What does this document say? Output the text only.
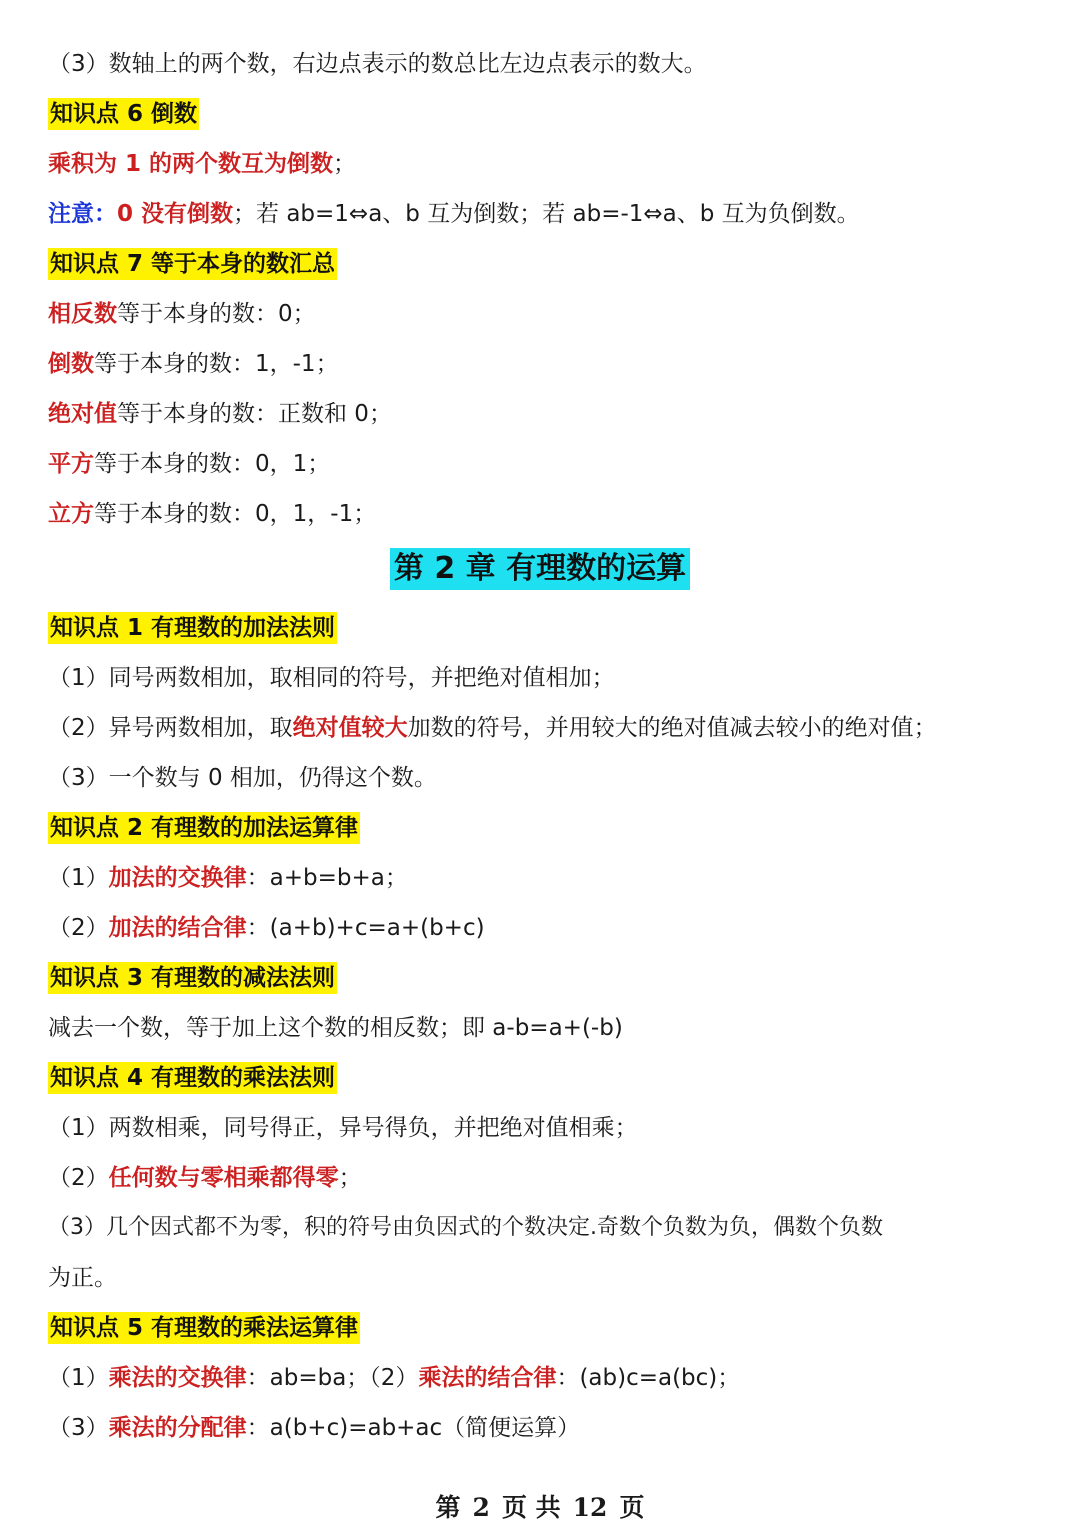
（3）数轴上的两个数，右边点表示的数总比左边点表示的数大。
知识点 6 倒数
乘积为 1 的两个数互为倒数；
注意：0 没有倒数；若 ab=1⇔a、b 互为倒数；若 ab=-1⇔a、b 互为负倒数。
知识点 7 等于本身的数汇总
相反数等于本身的数：0；
倒数等于本身的数：1，-1；
绝对值等于本身的数：正数和 0；
平方等于本身的数：0，1；
立方等于本身的数：0，1，-1；
第 2 章 有理数的运算
知识点 1 有理数的加法法则
（1）同号两数相加，取相同的符号，并把绝对值相加；
（2）异号两数相加，取绝对值较大加数的符号，并用较大的绝对值减去较小的绝对值；
（3）一个数与 0 相加，仍得这个数。
知识点 2 有理数的加法运算律
（1）加法的交换律：a+b=b+a；
（2）加法的结合律：(a+b)+c=a+(b+c)
知识点 3 有理数的减法法则
减去一个数，等于加上这个数的相反数；即 a-b=a+(-b)
知识点 4 有理数的乘法法则
（1）两数相乘，同号得正，异号得负，并把绝对值相乘；
（2）任何数与零相乘都得零；
（3）几个因式都不为零，积的符号由负因式的个数决定.奇数个负数为负，偶数个负数
为正。
知识点 5 有理数的乘法运算律
（1）乘法的交换律：ab=ba；（2）乘法的结合律：(ab)c=a(bc)；
（3）乘法的分配律：a(b+c)=ab+ac（简便运算）
第 2 页 共 12 页
